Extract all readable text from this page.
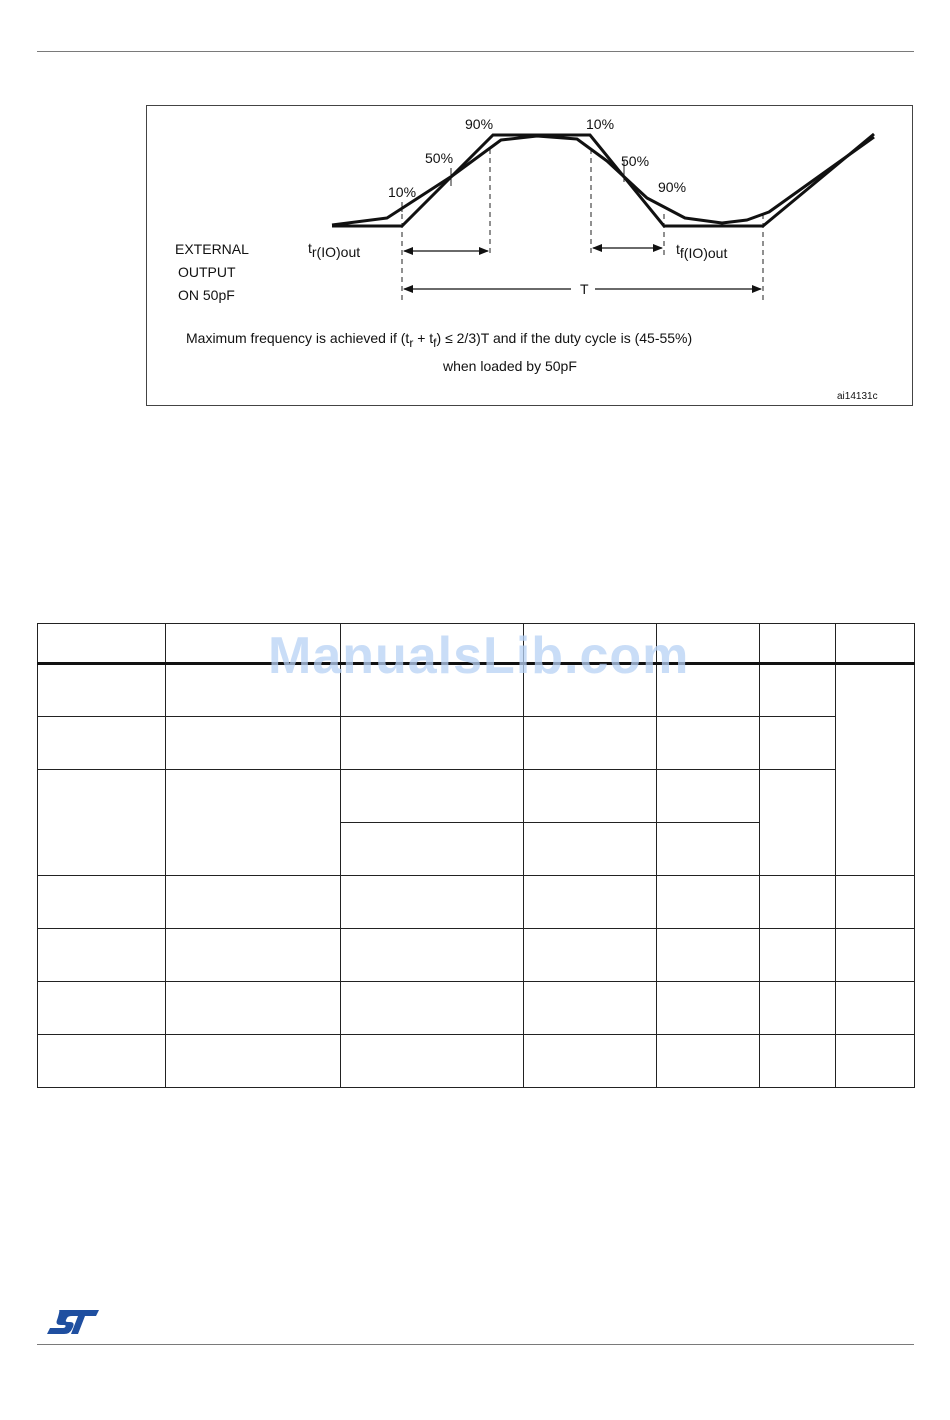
90%
50%
10%
10%
50%
90%
EXTERNAL
OUTPUT
ON 50pF
tr(IO)out	tf(IO)out
T
Maximum frequency is achieved if (tr + tf) ≤ 2/3)T and if the duty cycle is (45-55%)
when loaded by 50pF
ai14131c
ManualsLib.com
